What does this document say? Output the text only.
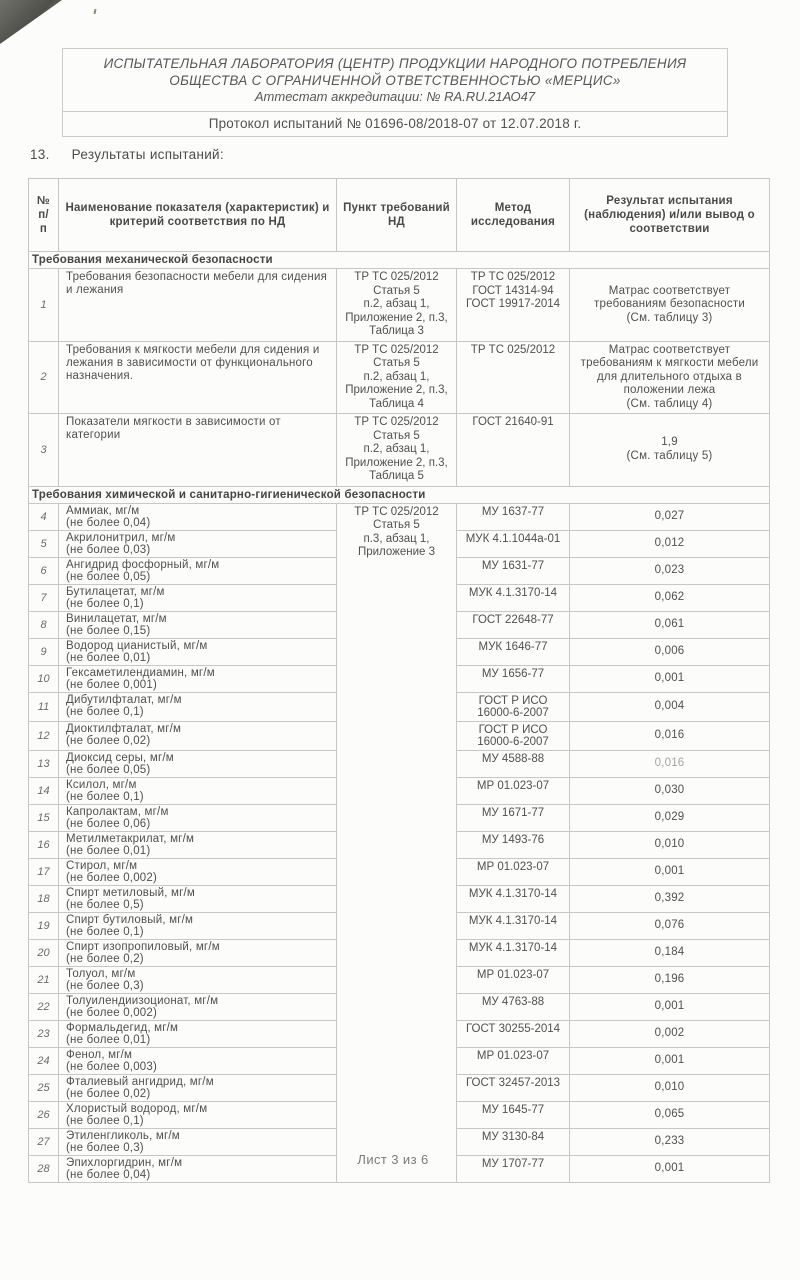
ИСПЫТАТЕЛЬНАЯ ЛАБОРАТОРИЯ (ЦЕНТР) ПРОДУКЦИИ НАРОДНОГО ПОТРЕБЛЕНИЯ
ОБЩЕСТВА С ОГРАНИЧЕННОЙ ОТВЕТСТВЕННОСТЬЮ «МЕРЦИС»
Аттестат аккредитации: № RA.RU.21АО47
Протокол испытаний № 01696-08/2018-07 от 12.07.2018 г.
13. Результаты испытаний:
№ п/п	Наименование показателя (характеристик) и критерий соответствия по НД	Пункт требований НД	Метод исследования	Результат испытания (наблюдения) и/или вывод о соответствии
Требования механической безопасности				
1	Требования безопасности мебели для сидения и лежания	ТР ТС 025/2012
Статья 5
п.2, абзац 1,
Приложение 2, п.3,
Таблица 3	ТР ТС 025/2012
ГОСТ 14314-94
ГОСТ 19917-2014	Матрас соответствует
требованиям безопасности
(См. таблицу 3)

2	Требования к мягкости мебели для сидения и лежания в зависимости от функционального назначения.	ТР ТС 025/2012
Статья 5
п.2, абзац 1,
Приложение 2, п.3,
Таблица 4	ТР ТС 025/2012	Матрас соответствует
требованиям к мягкости мебели
для длительного отдыха в
положении лежа
(См. таблицу 4)

3	Показатели мягкости в зависимости от категории	ТР ТС 025/2012
Статья 5
п.2, абзац 1,
Приложение 2, п.3,
Таблица 5	ГОСТ 21640-91	1,9
(См. таблицу 5)

Требования химической и санитарно-гигиенической безопасности				
4	Аммиак, мг/м
(не более 0,04)	ТР ТС 025/2012
Статья 5
п.3, абзац 1,
Приложение 3	МУ 1637-77	0,027
5	Акрилонитрил, мг/м
(не более 0,03)		МУК 4.1.1044а-01	0,012
6	Ангидрид фосфорный, мг/м
(не более 0,05)		МУ 1631-77	0,023
7	Бутилацетат, мг/м
(не более 0,1)		МУК 4.1.3170-14	0,062
8	Винилацетат, мг/м
(не более 0,15)		ГОСТ 22648-77	0,061
9	Водород цианистый, мг/м
(не более 0,01)		МУК 1646-77	0,006
10	Гексаметилендиамин, мг/м
(не более 0,001)		МУ 1656-77	0,001
11	Дибутилфталат, мг/м
(не более 0,1)		ГОСТ Р ИСО 16000-6-2007	0,004
12	Диоктилфталат, мг/м
(не более 0,02)		ГОСТ Р ИСО 16000-6-2007	0,016
13	Диоксид серы, мг/м
(не более 0,05)		МУ 4588-88	0,016
14	Ксилол, мг/м
(не более 0,1)		МР 01.023-07	0,030
15	Капролактам, мг/м
(не более 0,06)		МУ 1671-77	0,029
16	Метилметакрилат, мг/м
(не более 0,01)		МУ 1493-76	0,010
17	Стирол, мг/м
(не более 0,002)		МР 01.023-07	0,001
18	Спирт метиловый, мг/м
(не более 0,5)		МУК 4.1.3170-14	0,392
19	Спирт бутиловый, мг/м
(не более 0,1)		МУК 4.1.3170-14	0,076
20	Спирт изопропиловый, мг/м
(не более 0,2)		МУК 4.1.3170-14	0,184
21	Толуол, мг/м
(не более 0,3)		МР 01.023-07	0,196
22	Толуилендиизоционат, мг/м
(не более 0,002)		МУ 4763-88	0,001
23	Формальдегид, мг/м
(не более 0,01)		ГОСТ 30255-2014	0,002
24	Фенол, мг/м
(не более 0,003)		МР 01.023-07	0,001
25	Фталиевый ангидрид, мг/м
(не более 0,02)		ГОСТ 32457-2013	0,010
26	Хлористый водород, мг/м
(не более 0,1)		МУ 1645-77	0,065
27	Этиленгликоль, мг/м
(не более 0,3)		МУ 3130-84	0,233
28	Эпихлоргидрин, мг/м
(не более 0,04)		МУ 1707-77	0,001
Лист 3 из 6
